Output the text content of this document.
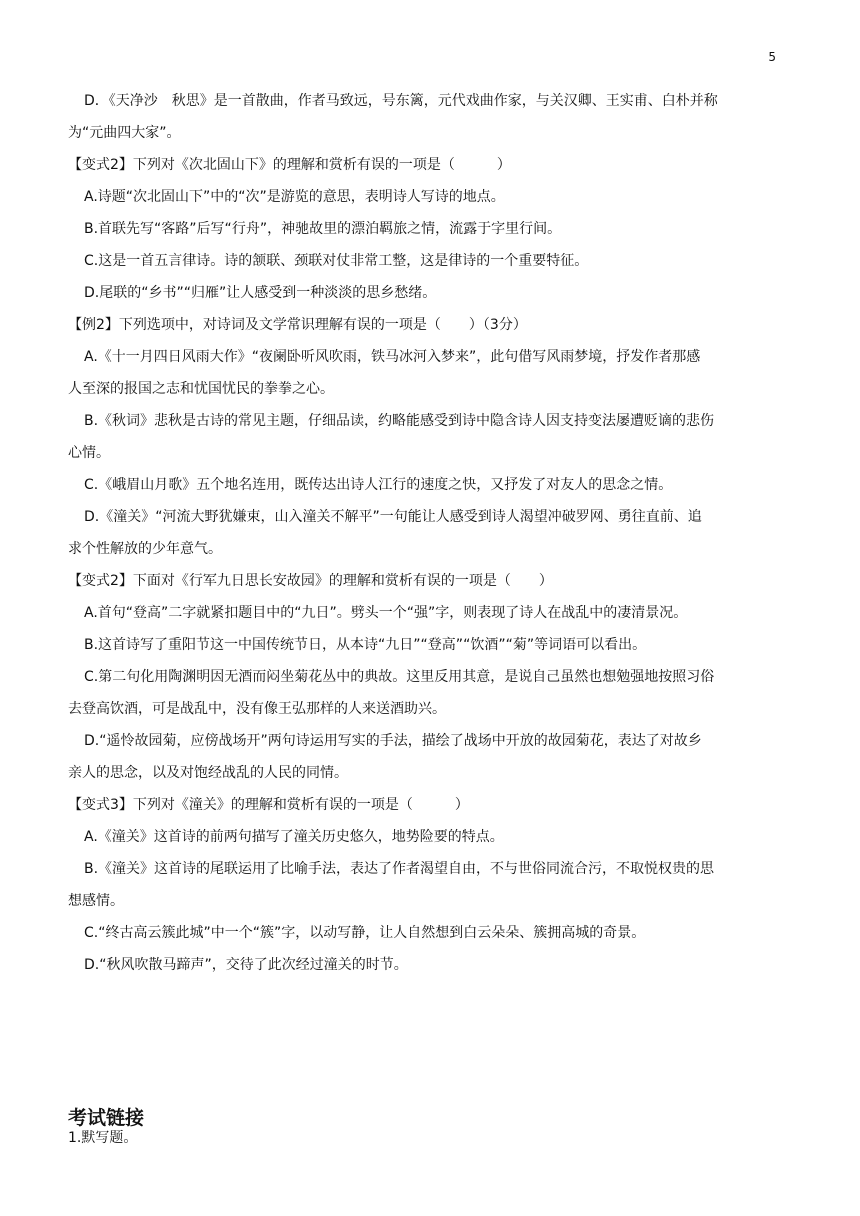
5

D．《天净沙　秋思》是一首散曲，作者马致远，号东篱，元代戏曲作家，与关汉卿、王实甫、白朴并称

为“元曲四大家”。

【变式2】下列对《次北固山下》的理解和赏析有误的一项是（　　　）

A.诗题“次北固山下”中的“次”是游览的意思，表明诗人写诗的地点。

B.首联先写“客路”后写“行舟”，神驰故里的漂泊羁旅之情，流露于字里行间。

C.这是一首五言律诗。诗的颔联、颈联对仗非常工整，这是律诗的一个重要特征。

D.尾联的“乡书”“归雁”让人感受到一种淡淡的思乡愁绪。

【例2】下列选项中，对诗词及文学常识理解有误的一项是（　　）（3分）

A.《十一月四日风雨大作》“夜阑卧听风吹雨，铁马冰河入梦来”，此句借写风雨梦境，抒发作者那感

人至深的报国之志和忧国忧民的拳拳之心。

B.《秋词》悲秋是古诗的常见主题，仔细品读，约略能感受到诗中隐含诗人因支持变法屡遭贬谪的悲伤

心情。

C.《峨眉山月歌》五个地名连用，既传达出诗人江行的速度之快，又抒发了对友人的思念之情。

D.《潼关》“河流大野犹嫌束，山入潼关不解平”一句能让人感受到诗人渴望冲破罗网、勇往直前、追

求个性解放的少年意气。

【变式2】下面对《行军九日思长安故园》的理解和赏析有误的一项是（　　）

A.首句“登高”二字就紧扣题目中的“九日”。劈头一个“强”字，则表现了诗人在战乱中的凄清景况。

B.这首诗写了重阳节这一中国传统节日，从本诗“九日”“登高”“饮酒”“菊”等词语可以看出。

C.第二句化用陶渊明因无酒而闷坐菊花丛中的典故。这里反用其意，是说自己虽然也想勉强地按照习俗

去登高饮酒，可是战乱中，没有像王弘那样的人来送酒助兴。

D.“遥怜故园菊，应傍战场开”两句诗运用写实的手法，描绘了战场中开放的故园菊花，表达了对故乡

亲人的思念，以及对饱经战乱的人民的同情。

【变式3】下列对《潼关》的理解和赏析有误的一项是（　　　）

A.《潼关》这首诗的前两句描写了潼关历史悠久，地势险要的特点。

B.《潼关》这首诗的尾联运用了比喻手法，表达了作者渴望自由，不与世俗同流合污，不取悦权贵的思

想感情。

C.“终古高云簇此城”中一个“簇”字，以动写静，让人自然想到白云朵朵、簇拥高城的奇景。

D.“秋风吹散马蹄声”，交待了此次经过潼关的时节。

考试链接
1.默写题。
